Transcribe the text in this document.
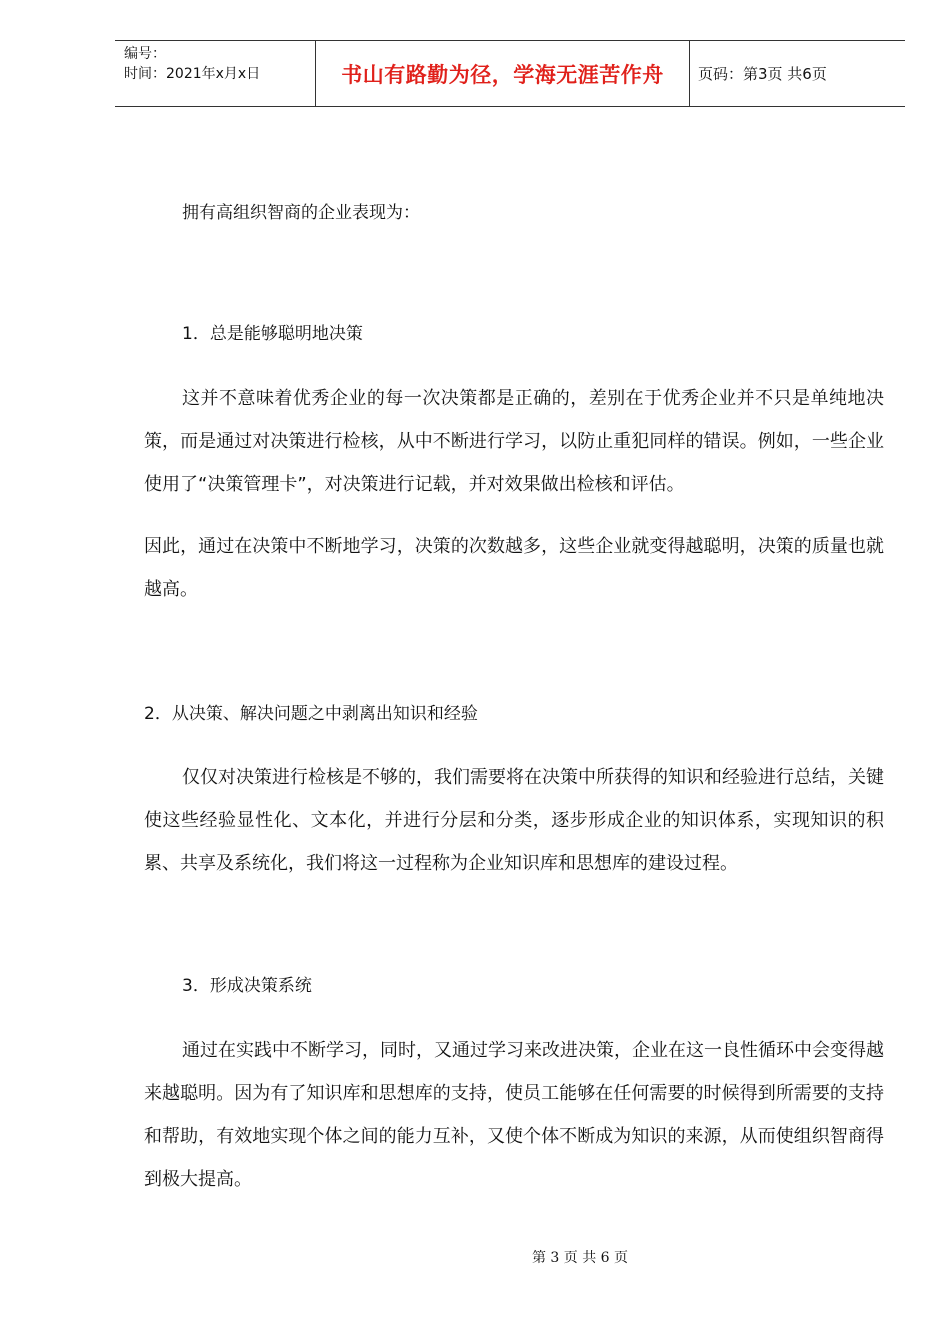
编号：
时间：2021年x月x日	书山有路勤为径，学海无涯苦作舟	页码：第3页 共6页
拥有高组织智商的企业表现为：
1．总是能够聪明地决策
这并不意味着优秀企业的每一次决策都是正确的，差别在于优秀企业并不只是单纯地决策，而是通过对决策进行检核，从中不断进行学习，以防止重犯同样的错误。例如，一些企业使用了“决策管理卡”，对决策进行记载，并对效果做出检核和评估。
因此，通过在决策中不断地学习，决策的次数越多，这些企业就变得越聪明，决策的质量也就越高。
2．从决策、解决问题之中剥离出知识和经验
仅仅对决策进行检核是不够的，我们需要将在决策中所获得的知识和经验进行总结，关键使这些经验显性化、文本化，并进行分层和分类，逐步形成企业的知识体系，实现知识的积累、共享及系统化，我们将这一过程称为企业知识库和思想库的建设过程。
3．形成决策系统
通过在实践中不断学习，同时，又通过学习来改进决策，企业在这一良性循环中会变得越来越聪明。因为有了知识库和思想库的支持，使员工能够在任何需要的时候得到所需要的支持和帮助，有效地实现个体之间的能力互补，又使个体不断成为知识的来源，从而使组织智商得到极大提高。
第 3 页 共 6 页
